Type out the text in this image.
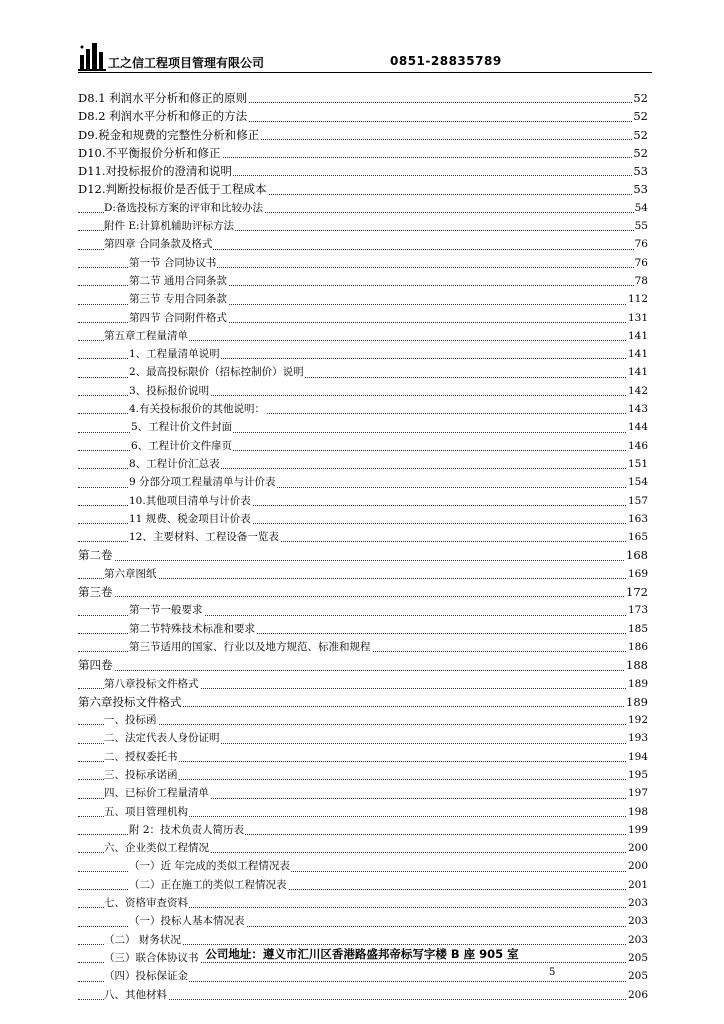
工之信工程项目管理有限公司	0851-28835789
D8.1 利润水平分析和修正的原则	52
D8.2 利润水平分析和修正的方法	52
D9.税金和规费的完整性分析和修正	52
D10.不平衡报价分析和修正	52
D11.对投标报价的澄清和说明	53
D12.判断投标报价是否低于工程成本	53
D:备选投标方案的评审和比较办法	54
附件 E:计算机辅助评标方法	55
第四章 合同条款及格式	76
第一节 合同协议书	76
第二节 通用合同条款	78
第三节 专用合同条款	112
第四节 合同附件格式	131
第五章工程量清单	141
1、工程量清单说明	141
2、最高投标限价（招标控制价）说明	141
3、投标报价说明	142
4.有关投标报价的其他说明：	143
5、工程计价文件封面	144
6、工程计价文件扉页	146
8、工程计价汇总表	151
9 分部分项工程量清单与计价表	154
10.其他项目清单与计价表	157
11 规费、税金项目计价表	163
12、主要材料、工程设备一览表	165
第二卷	168
第六章图纸	169
第三卷	172
第一节一般要求	173
第二节特殊技术标准和要求	185
第三节适用的国家、行业以及地方规范、标准和规程	186
第四卷	188
第八章投标文件格式	189
第六章投标文件格式	189
一、投标函	192
二、法定代表人身份证明	193
二、授权委托书	194
三、投标承诺函	195
四、已标价工程量清单	197
五、项目管理机构	198
附 2：技术负责人简历表	199
六、企业类似工程情况	200
（一）近 年完成的类似工程情况表	200
（二）正在施工的类似工程情况表	201
七、资格审查资料	203
（一）投标人基本情况表	203
（二） 财务状况	203
（三）联合体协议书	205
（四）投标保证金	205
八、其他材料	206
公司地址：遵义市汇川区香港路盛邦帝标写字楼 B 座 905 室
5
